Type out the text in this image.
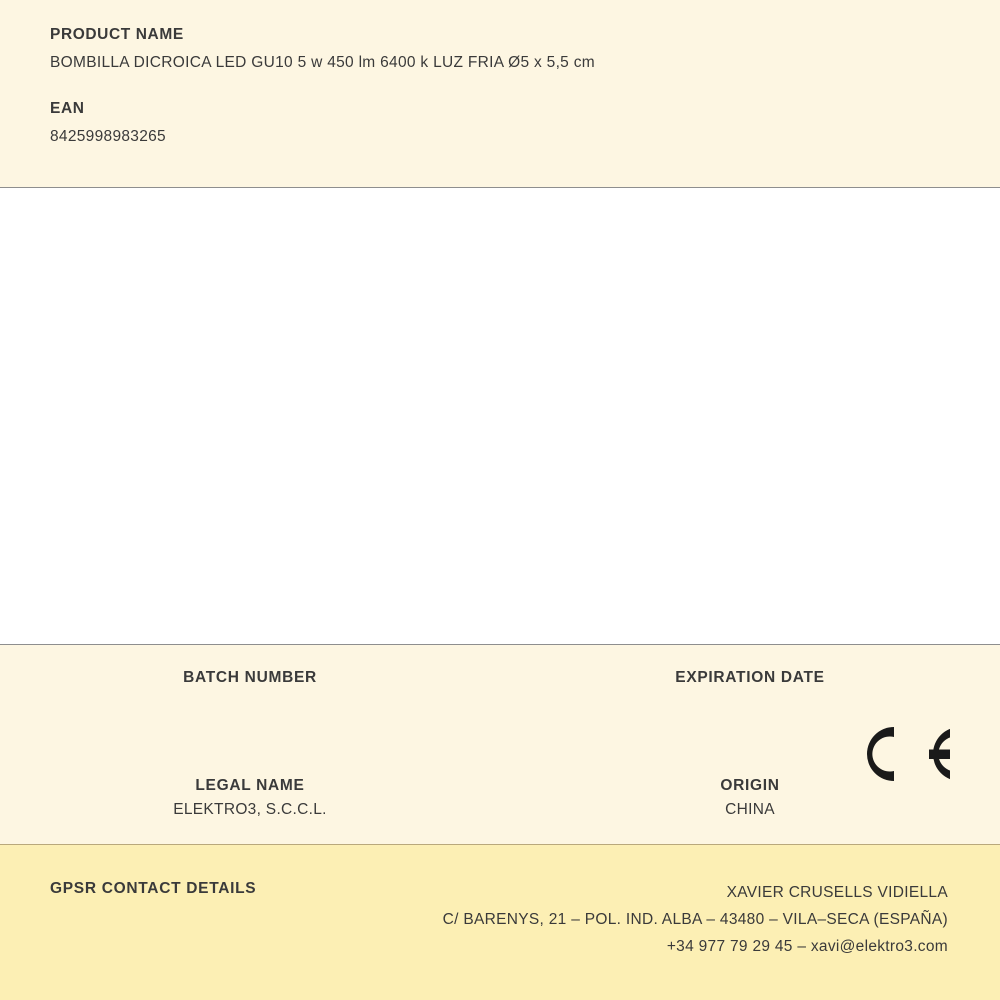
PRODUCT NAME

BOMBILLA DICROICA LED GU10 5 w 450 lm 6400 k LUZ FRIA Ø5 x 5,5 cm

EAN

8425998983265

BATCH NUMBER	EXPIRATION DATE

LEGAL NAME

ELEKTRO3, S.C.C.L.

ORIGIN

CHINA

GPSR CONTACT DETAILS	XAVIER CRUSELLS VIDIELLA
C/ BARENYS, 21 – POL. IND. ALBA – 43480 – VILA–SECA (ESPAÑA)
+34 977 79 29 45 – xavi@elektro3.com
